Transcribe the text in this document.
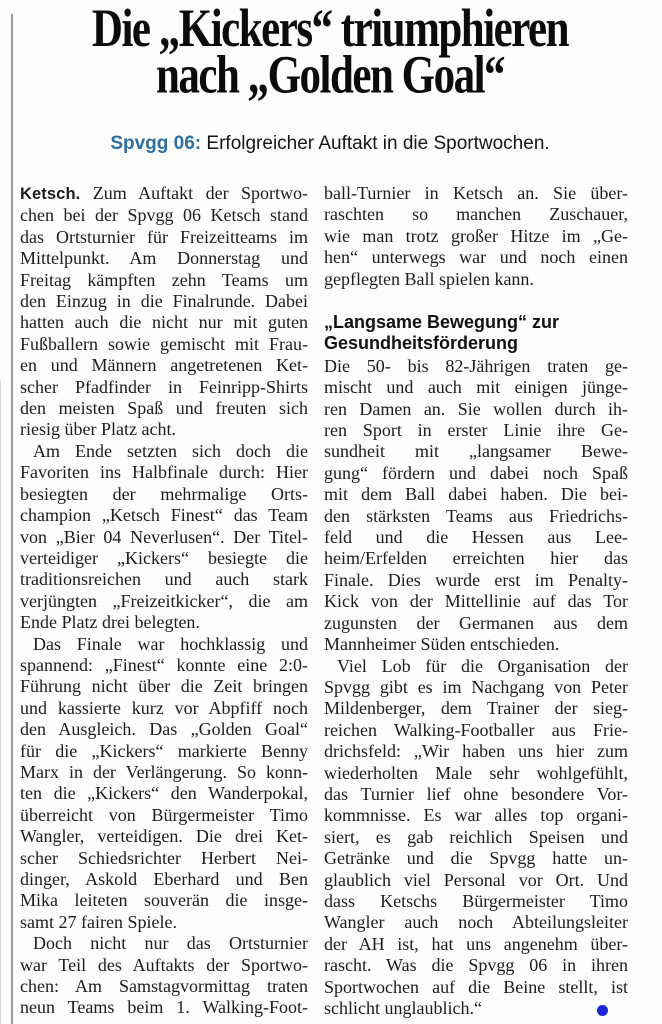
Die „Kickers“ triumphieren
nach „Golden Goal“

Spvgg 06: Erfolgreicher Auftakt in die Sportwochen.

Ketsch. Zum Auftakt der Sportwo-
chen bei der Spvgg 06 Ketsch stand
das Ortsturnier für Freizeitteams im
Mittelpunkt. Am Donnerstag und
Freitag kämpften zehn Teams um
den Einzug in die Finalrunde. Dabei
hatten auch die nicht nur mit guten
Fußballern sowie gemischt mit Frau-
en und Männern angetretenen Ket-
scher Pfadfinder in Feinripp-Shirts
den meisten Spaß und freuten sich
riesig über Platz acht.
Am Ende setzten sich doch die
Favoriten ins Halbfinale durch: Hier
besiegten der mehrmalige Orts-
champion „Ketsch Finest“ das Team
von „Bier 04 Neverlusen“. Der Titel-
verteidiger „Kickers“ besiegte die
traditionsreichen und auch stark
verjüngten „Freizeitkicker“, die am
Ende Platz drei belegten.
Das Finale war hochklassig und
spannend: „Finest“ konnte eine 2:0-
Führung nicht über die Zeit bringen
und kassierte kurz vor Abpfiff noch
den Ausgleich. Das „Golden Goal“
für die „Kickers“ markierte Benny
Marx in der Verlängerung. So konn-
ten die „Kickers“ den Wanderpokal,
überreicht von Bürgermeister Timo
Wangler, verteidigen. Die drei Ket-
scher Schiedsrichter Herbert Nei-
dinger, Askold Eberhard und Ben
Mika leiteten souverän die insge-
samt 27 fairen Spiele.
Doch nicht nur das Ortsturnier
war Teil des Auftakts der Sportwo-
chen: Am Samstagvormittag traten
neun Teams beim 1. Walking-Foot-
ball-Turnier in Ketsch an. Sie über-
raschten so manchen Zuschauer,
wie man trotz großer Hitze im „Ge-
hen“ unterwegs war und noch einen
gepflegten Ball spielen kann.
„Langsame Bewegung“ zur
Gesundheitsförderung
Die 50- bis 82-Jährigen traten ge-
mischt und auch mit einigen jünge-
ren Damen an. Sie wollen durch ih-
ren Sport in erster Linie ihre Ge-
sundheit mit „langsamer Bewe-
gung“ fördern und dabei noch Spaß
mit dem Ball dabei haben. Die bei-
den stärksten Teams aus Friedrichs-
feld und die Hessen aus Lee-
heim/Erfelden erreichten hier das
Finale. Dies wurde erst im Penalty-
Kick von der Mittellinie auf das Tor
zugunsten der Germanen aus dem
Mannheimer Süden entschieden.
Viel Lob für die Organisation der
Spvgg gibt es im Nachgang von Peter
Mildenberger, dem Trainer der sieg-
reichen Walking-Footballer aus Frie-
drichsfeld: „Wir haben uns hier zum
wiederholten Male sehr wohlgefühlt,
das Turnier lief ohne besondere Vor-
kommnisse. Es war alles top organi-
siert, es gab reichlich Speisen und
Getränke und die Spvgg hatte un-
glaublich viel Personal vor Ort. Und
dass Ketschs Bürgermeister Timo
Wangler auch noch Abteilungsleiter
der AH ist, hat uns angenehm über-
rascht. Was die Spvgg 06 in ihren
Sportwochen auf die Beine stellt, ist
schlicht unglaublich.“
